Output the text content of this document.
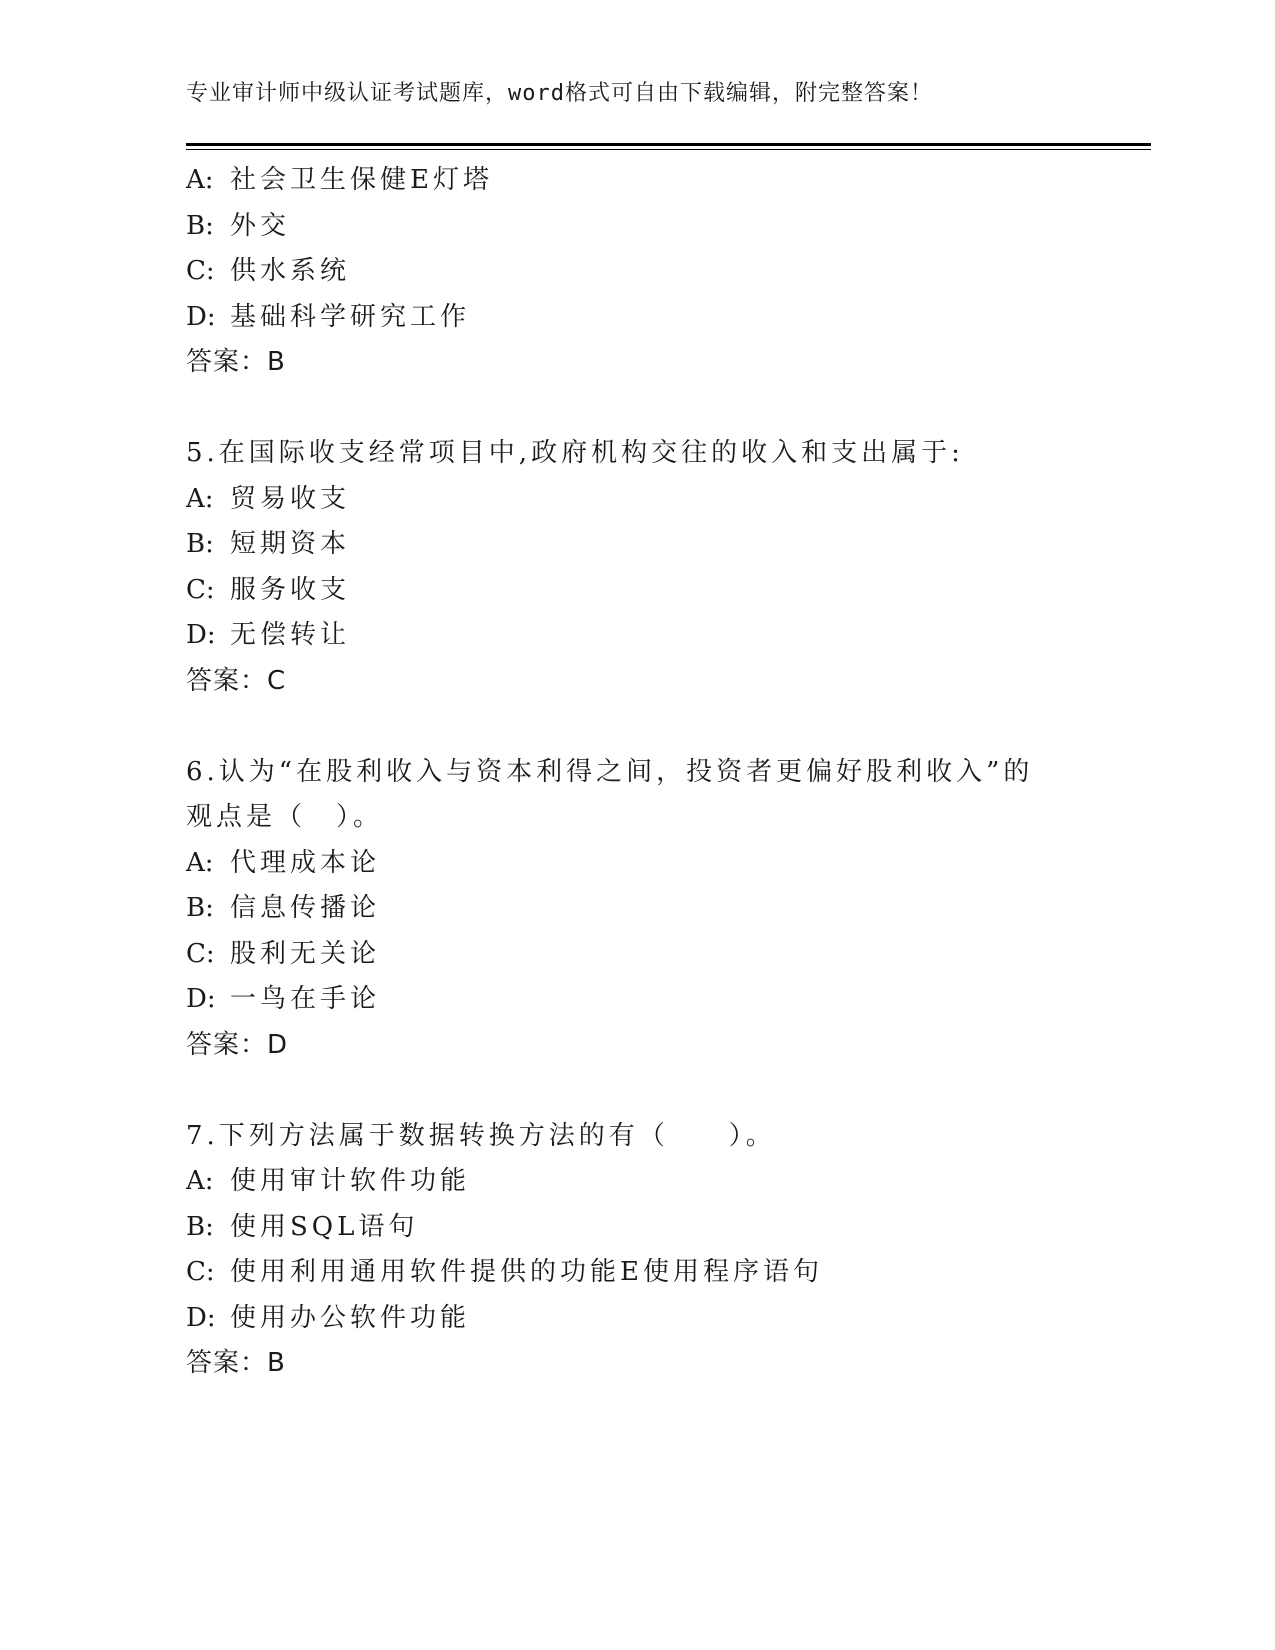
专业审计师中级认证考试题库，word格式可自由下载编辑，附完整答案！
A: 社会卫生保健E灯塔
B: 外交
C: 供水系统
D: 基础科学研究工作
答案：B
5.在国际收支经常项目中,政府机构交往的收入和支出属于:
A: 贸易收支
B: 短期资本
C: 服务收支
D: 无偿转让
答案：C
6.认为“在股利收入与资本利得之间，投资者更偏好股利收入”的观点是（　）。
A: 代理成本论
B: 信息传播论
C: 股利无关论
D: 一鸟在手论
答案：D
7.下列方法属于数据转换方法的有（　　）。
A: 使用审计软件功能
B: 使用SQL语句
C: 使用利用通用软件提供的功能E使用程序语句
D: 使用办公软件功能
答案：B
